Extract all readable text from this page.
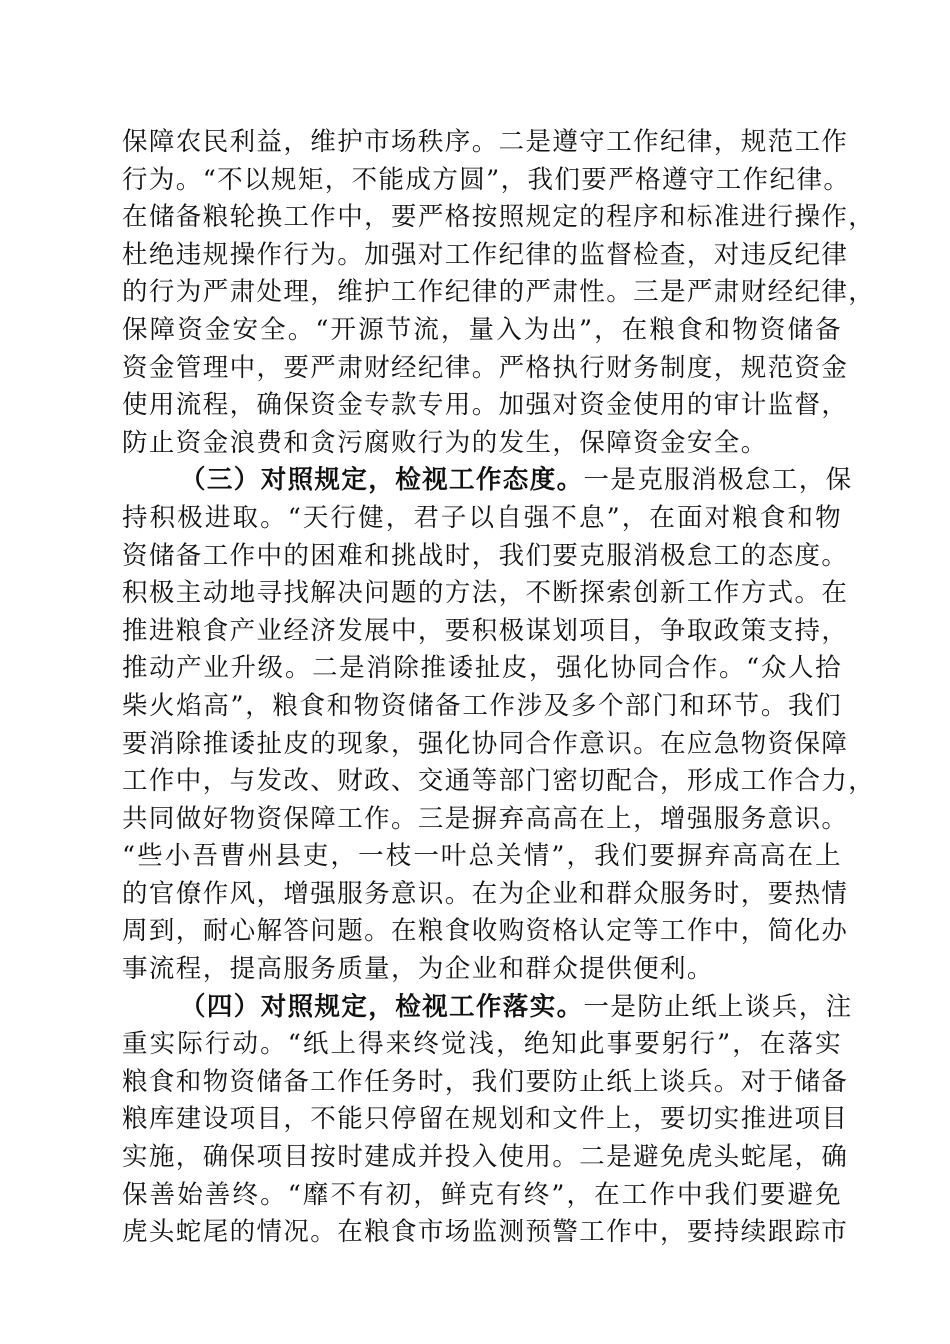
保障农民利益，维护市场秩序。二是遵守工作纪律，规范工作
行为。“不以规矩，不能成方圆”，我们要严格遵守工作纪律。
在储备粮轮换工作中，要严格按照规定的程序和标准进行操作，
杜绝违规操作行为。加强对工作纪律的监督检查，对违反纪律
的行为严肃处理，维护工作纪律的严肃性。三是严肃财经纪律，
保障资金安全。“开源节流，量入为出”，在粮食和物资储备
资金管理中，要严肃财经纪律。严格执行财务制度，规范资金
使用流程，确保资金专款专用。加强对资金使用的审计监督，
防止资金浪费和贪污腐败行为的发生，保障资金安全。
（三）对照规定，检视工作态度。一是克服消极怠工，保
持积极进取。“天行健，君子以自强不息”，在面对粮食和物
资储备工作中的困难和挑战时，我们要克服消极怠工的态度。
积极主动地寻找解决问题的方法，不断探索创新工作方式。在
推进粮食产业经济发展中，要积极谋划项目，争取政策支持，
推动产业升级。二是消除推诿扯皮，强化协同合作。“众人拾
柴火焰高”，粮食和物资储备工作涉及多个部门和环节。我们
要消除推诿扯皮的现象，强化协同合作意识。在应急物资保障
工作中，与发改、财政、交通等部门密切配合，形成工作合力，
共同做好物资保障工作。三是摒弃高高在上，增强服务意识。
“些小吾曹州县吏，一枝一叶总关情”，我们要摒弃高高在上
的官僚作风，增强服务意识。在为企业和群众服务时，要热情
周到，耐心解答问题。在粮食收购资格认定等工作中，简化办
事流程，提高服务质量，为企业和群众提供便利。
（四）对照规定，检视工作落实。一是防止纸上谈兵，注
重实际行动。“纸上得来终觉浅，绝知此事要躬行”，在落实
粮食和物资储备工作任务时，我们要防止纸上谈兵。对于储备
粮库建设项目，不能只停留在规划和文件上，要切实推进项目
实施，确保项目按时建成并投入使用。二是避免虎头蛇尾，确
保善始善终。“靡不有初，鲜克有终”，在工作中我们要避免
虎头蛇尾的情况。在粮食市场监测预警工作中，要持续跟踪市
